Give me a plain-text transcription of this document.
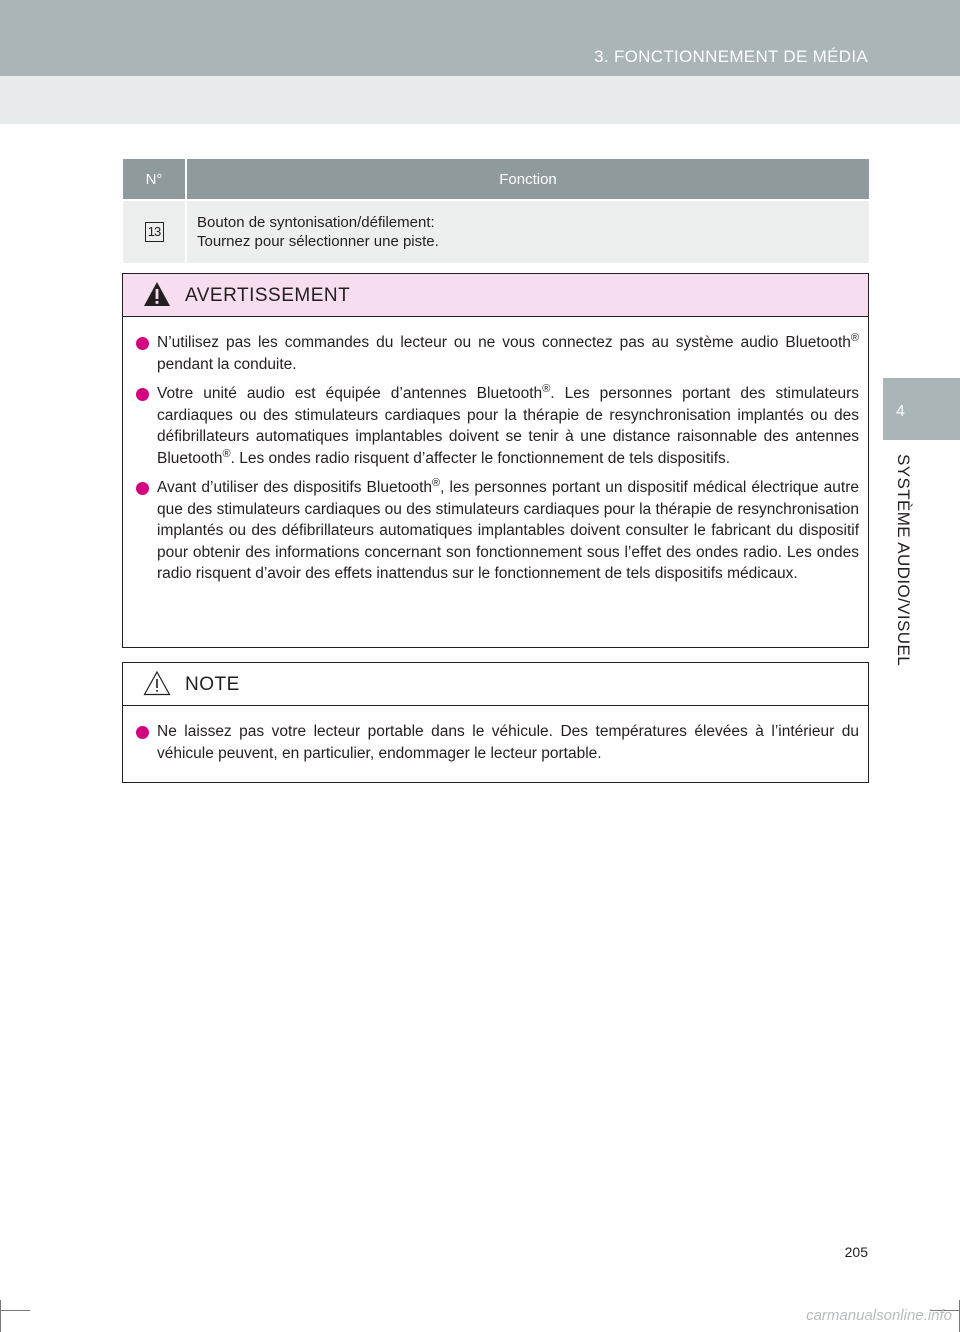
3. FONCTIONNEMENT DE MÉDIA
4
SYSTÈME AUDIO/VISUEL
N°	Fonction
13	Bouton de syntonisation/défilement:
Tournez pour sélectionner une piste.
AVERTISSEMENT
N’utilisez pas les commandes du lecteur ou ne vous connectez pas au système audio Bluetooth® pendant la conduite.
Votre unité audio est équipée d’antennes Bluetooth®. Les personnes portant des stimulateurs cardiaques ou des stimulateurs cardiaques pour la thérapie de resynchronisation implantés ou des défibrillateurs automatiques implantables doivent se tenir à une distance raisonnable des antennes Bluetooth®. Les ondes radio risquent d’affecter le fonctionnement de tels dispositifs.
Avant d’utiliser des dispositifs Bluetooth®, les personnes portant un dispositif médical électrique autre que des stimulateurs cardiaques ou des stimulateurs cardiaques pour la thérapie de resynchronisation implantés ou des défibrillateurs automatiques implantables doivent consulter le fabricant du dispositif pour obtenir des informations concernant son fonctionnement sous l’effet des ondes radio. Les ondes radio risquent d’avoir des effets inattendus sur le fonctionnement de tels dispositifs médicaux.
NOTE
Ne laissez pas votre lecteur portable dans le véhicule. Des températures élevées à l’intérieur du véhicule peuvent, en particulier, endommager le lecteur portable.
205
carmanualsonline.info
